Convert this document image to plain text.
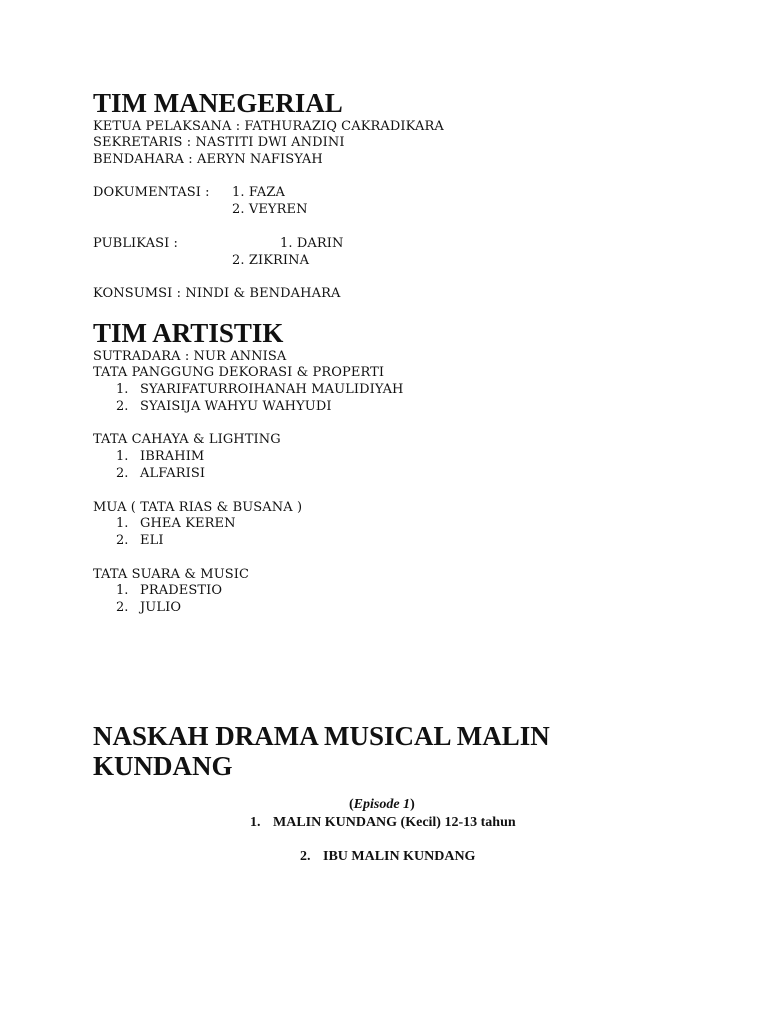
TIM MANEGERIAL
KETUA PELAKSANA : FATHURAZIQ CAKRADIKARA
SEKRETARIS : NASTITI DWI ANDINI
BENDAHARA : AERYN NAFISYAH
DOKUMENTASI : 1. FAZA
2. VEYREN
PUBLIKASI :	1. DARIN
2. ZIKRINA
KONSUMSI : NINDI & BENDAHARA
TIM ARTISTIK
SUTRADARA : NUR ANNISA
TATA PANGGUNG DEKORASI & PROPERTI
1. SYARIFATURROIHANAH MAULIDIYAH
2. SYAISIJA WAHYU WAHYUDI
TATA CAHAYA & LIGHTING
1. IBRAHIM
2. ALFARISI
MUA ( TATA RIAS & BUSANA )
1. GHEA KEREN
2. ELI
TATA SUARA & MUSIC
1. PRADESTIO
2. JULIO
NASKAH DRAMA MUSICAL MALIN
KUNDANG
(Episode 1)
1. MALIN KUNDANG (Kecil) 12-13 tahun
2. IBU MALIN KUNDANG
